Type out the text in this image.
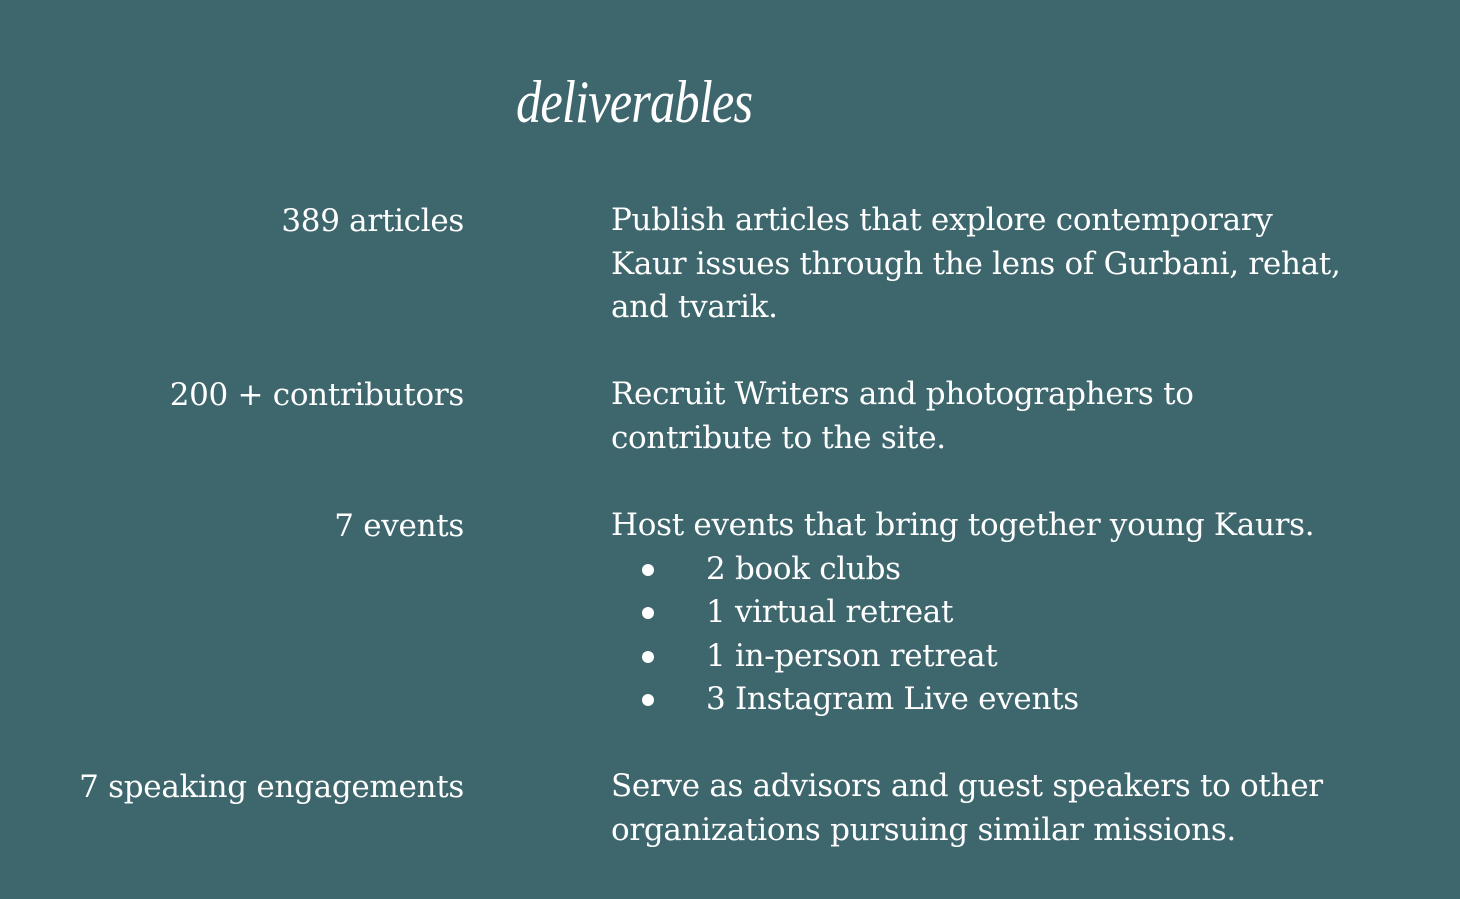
deliverables
389 articles	Publish articles that explore contemporary
Kaur issues through the lens of Gurbani, rehat,
and tvarik.

200 + contributors	Recruit Writers and photographers to
contribute to the site.

7 events	Host events that bring together young Kaurs.

2 book clubs
1 virtual retreat
1 in-person retreat
3 Instagram Live events
7 speaking engagements	Serve as advisors and guest speakers to other
organizations pursuing similar missions.
